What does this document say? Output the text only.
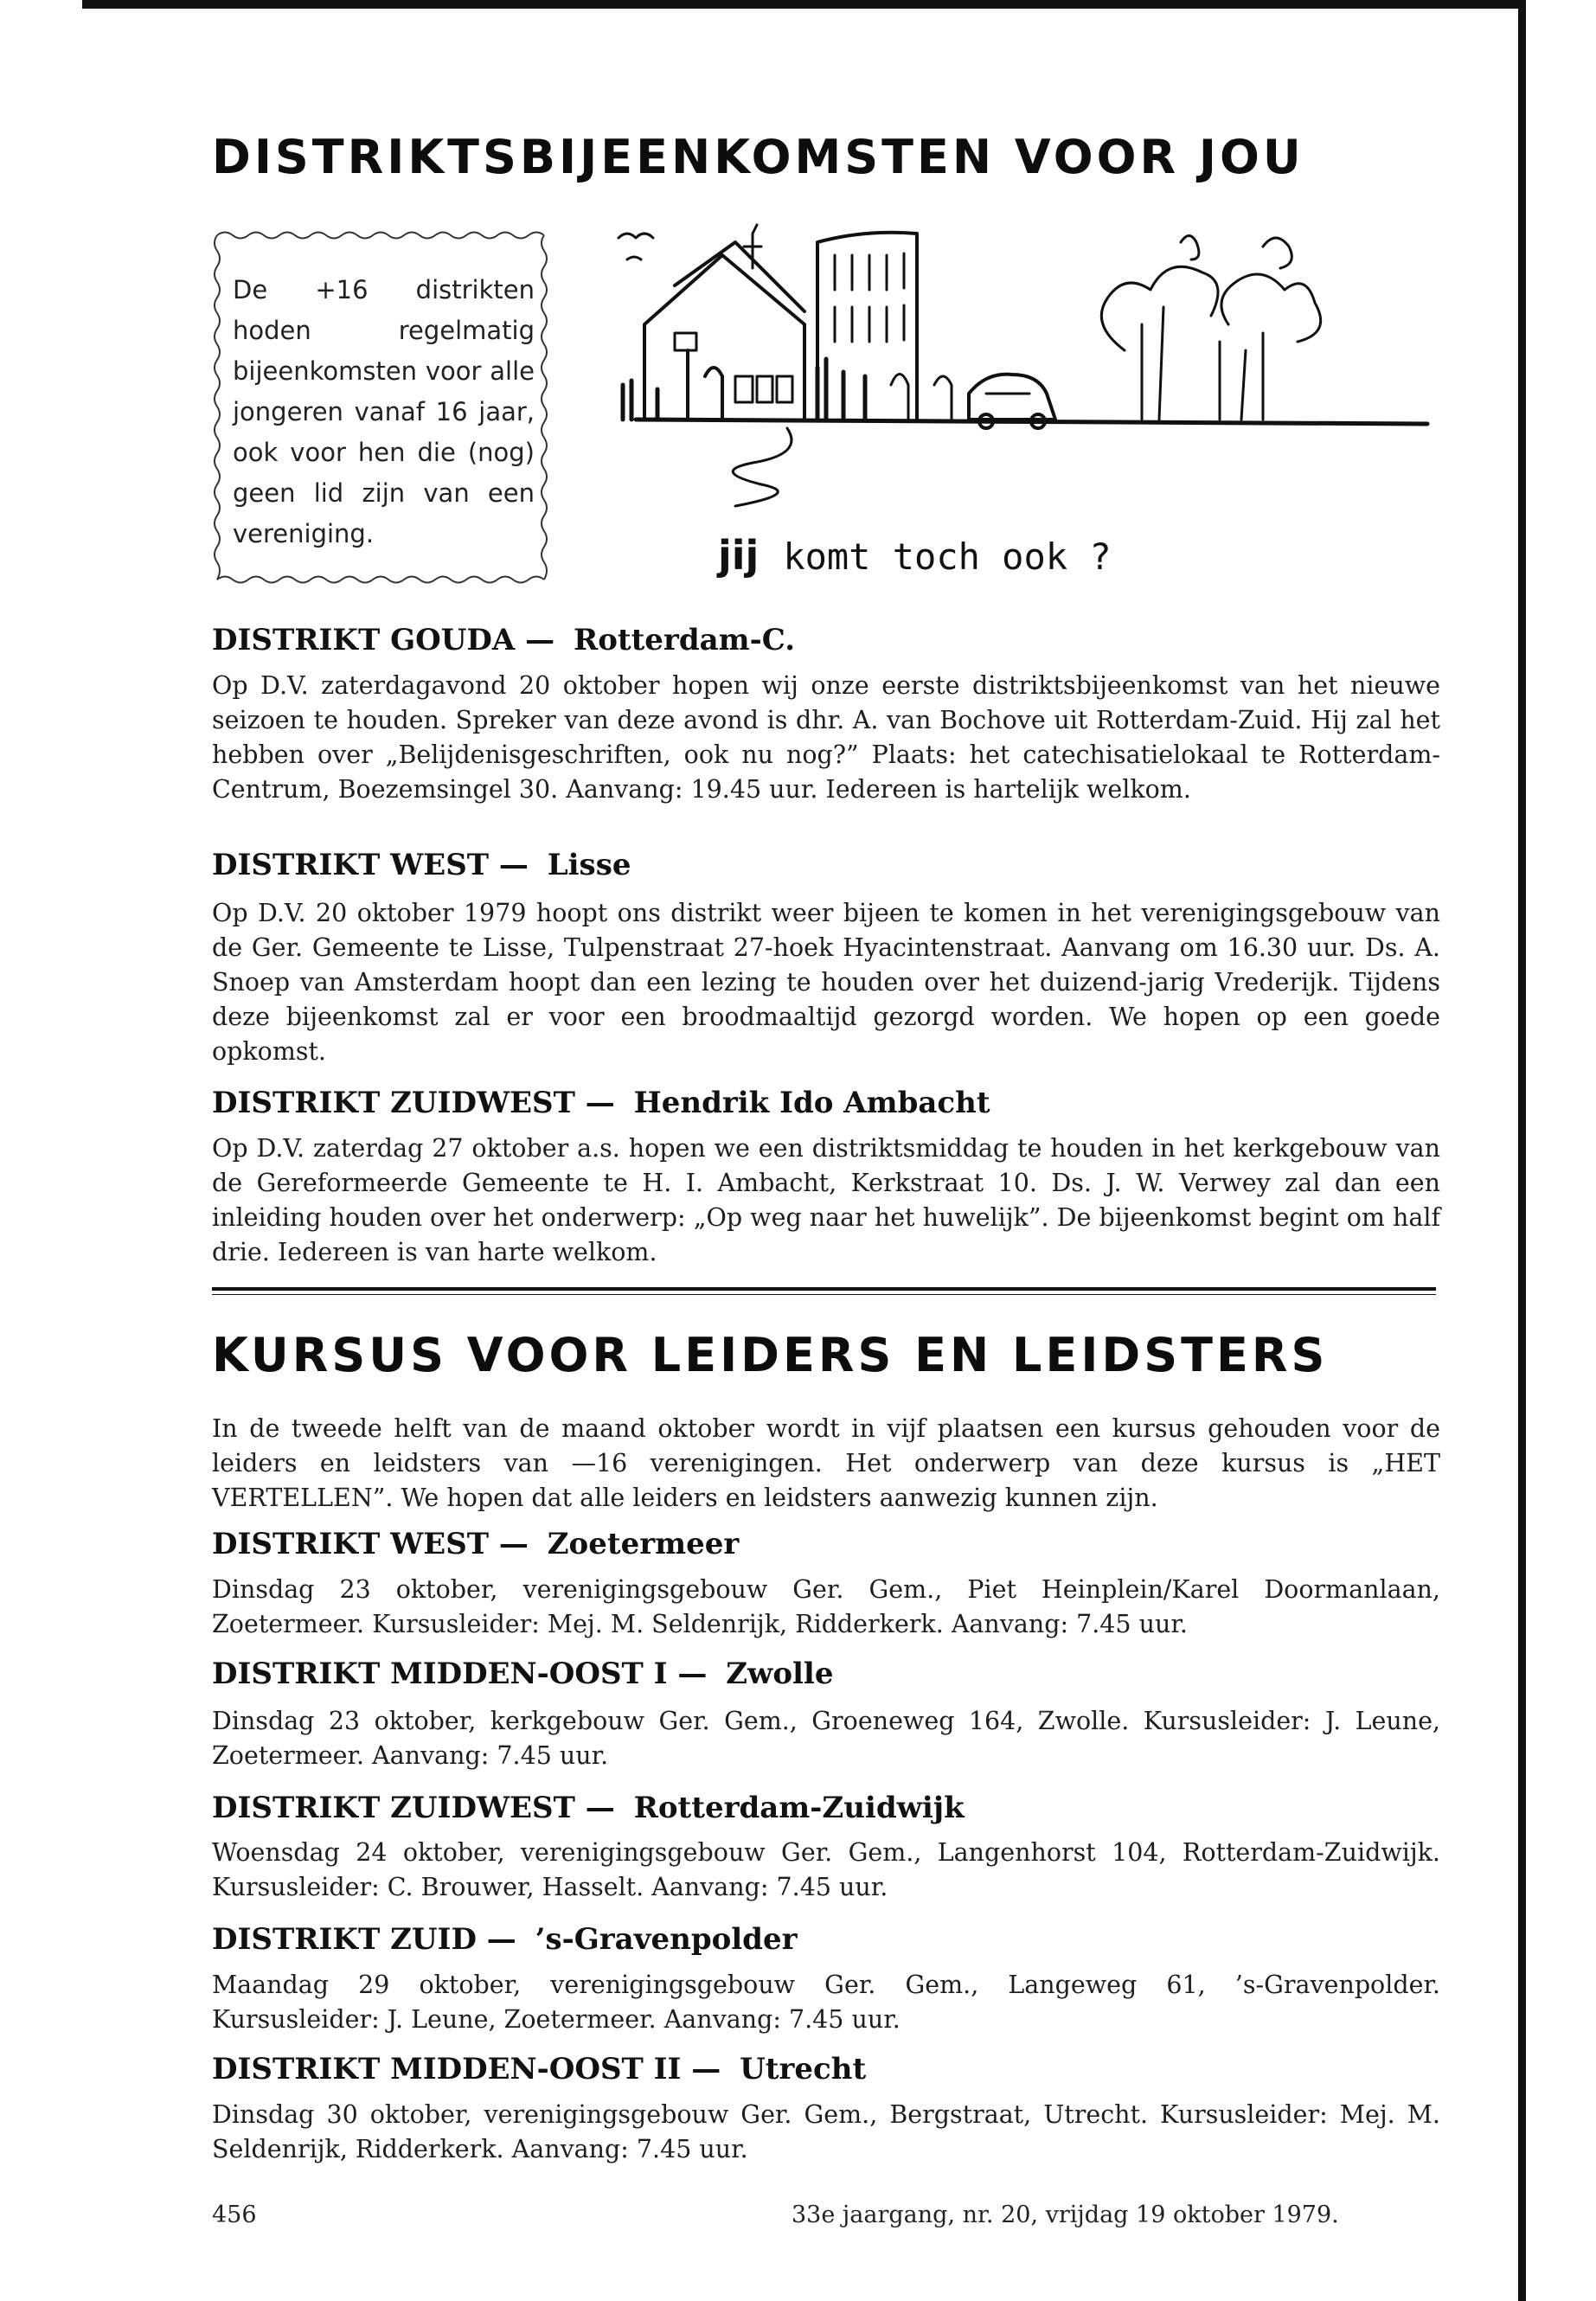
DISTRIKTSBIJEENKOMSTEN VOOR JOU
De +16 distrikten hoden regelmatig bijeenkomsten voor alle jongeren vanaf 16 jaar, ook voor hen die (nog) geen lid zijn van een vereniging.	jij komt toch ook ?
DISTRIKT GOUDA — Rotterdam-C.

Op D.V. zaterdagavond 20 oktober hopen wij onze eerste distriktsbijeenkomst van het nieuwe seizoen te houden. Spreker van deze avond is dhr. A. van Bochove uit Rotterdam-Zuid. Hij zal het hebben over „Belijdenisgeschriften, ook nu nog?” Plaats: het catechisatielokaal te Rotterdam-Centrum, Boezemsingel 30. Aanvang: 19.45 uur. Iedereen is hartelijk welkom.

DISTRIKT WEST — Lisse

Op D.V. 20 oktober 1979 hoopt ons distrikt weer bijeen te komen in het verenigingsgebouw van de Ger. Gemeente te Lisse, Tulpenstraat 27-hoek Hyacintenstraat. Aanvang om 16.30 uur. Ds. A. Snoep van Amsterdam hoopt dan een lezing te houden over het duizend-jarig Vrederijk. Tijdens deze bijeenkomst zal er voor een broodmaaltijd gezorgd worden. We hopen op een goede opkomst.

DISTRIKT ZUIDWEST — Hendrik Ido Ambacht

Op D.V. zaterdag 27 oktober a.s. hopen we een distriktsmiddag te houden in het kerkgebouw van de Gereformeerde Gemeente te H. I. Ambacht, Kerkstraat 10. Ds. J. W. Verwey zal dan een inleiding houden over het onderwerp: „Op weg naar het huwelijk”. De bijeenkomst begint om half drie. Iedereen is van harte welkom.

KURSUS VOOR LEIDERS EN LEIDSTERS

In de tweede helft van de maand oktober wordt in vijf plaatsen een kursus gehouden voor de leiders en leidsters van —16 verenigingen. Het onderwerp van deze kursus is „HET VERTELLEN”. We hopen dat alle leiders en leidsters aanwezig kunnen zijn.

DISTRIKT WEST — Zoetermeer

Dinsdag 23 oktober, verenigingsgebouw Ger. Gem., Piet Heinplein/Karel Doormanlaan, Zoetermeer. Kursusleider: Mej. M. Seldenrijk, Ridderkerk. Aanvang: 7.45 uur.

DISTRIKT MIDDEN-OOST I — Zwolle

Dinsdag 23 oktober, kerkgebouw Ger. Gem., Groeneweg 164, Zwolle. Kursusleider: J. Leune, Zoetermeer. Aanvang: 7.45 uur.

DISTRIKT ZUIDWEST — Rotterdam-Zuidwijk

Woensdag 24 oktober, verenigingsgebouw Ger. Gem., Langenhorst 104, Rotterdam-Zuidwijk. Kursusleider: C. Brouwer, Hasselt. Aanvang: 7.45 uur.

DISTRIKT ZUID — ’s-Gravenpolder

Maandag 29 oktober, verenigingsgebouw Ger. Gem., Langeweg 61, ’s-Gravenpolder. Kursusleider: J. Leune, Zoetermeer. Aanvang: 7.45 uur.

DISTRIKT MIDDEN-OOST II — Utrecht

Dinsdag 30 oktober, verenigingsgebouw Ger. Gem., Bergstraat, Utrecht. Kursusleider: Mej. M. Seldenrijk, Ridderkerk. Aanvang: 7.45 uur.

456	33e jaargang, nr. 20, vrijdag 19 oktober 1979.
